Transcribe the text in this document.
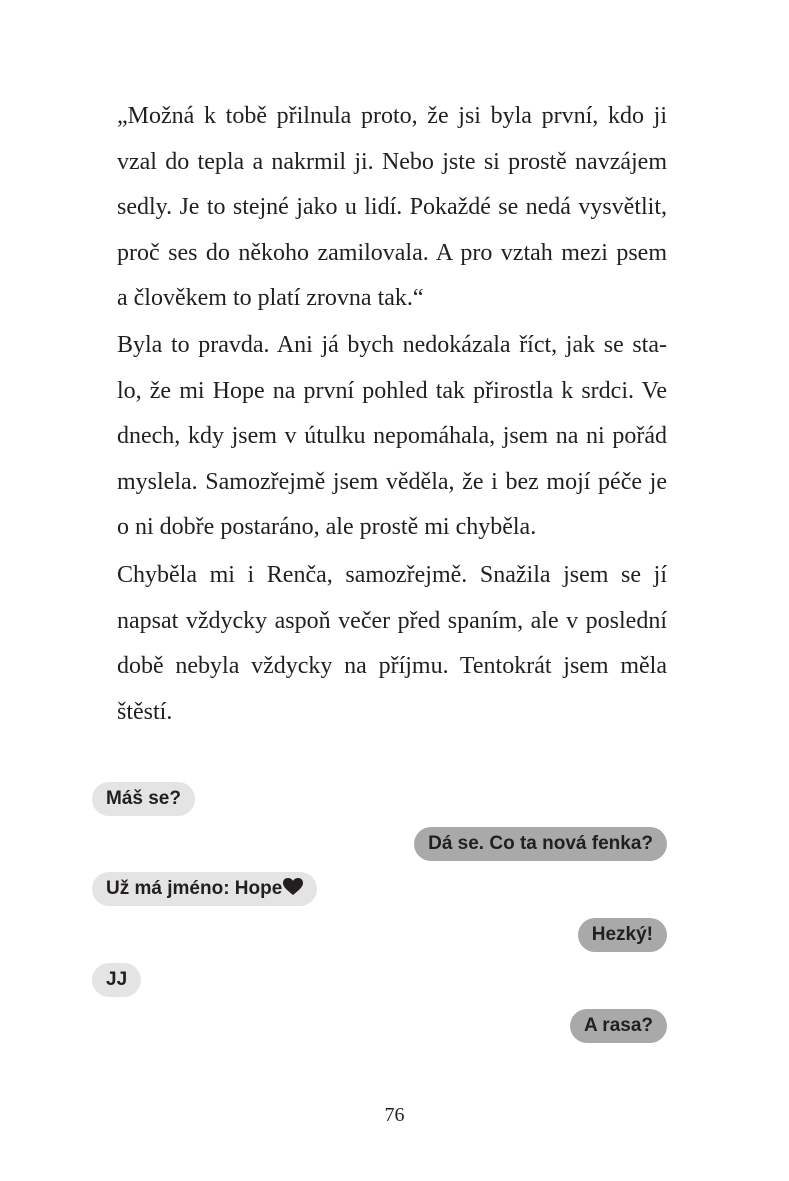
„Možná k tobě přilnula proto, že jsi byla první, kdo ji
vzal do tepla a nakrmil ji. Nebo jste si prostě navzájem
sedly. Je to stejné jako u lidí. Pokaždé se nedá vysvětlit,
proč ses do někoho zamilovala. A pro vztah mezi psem
a člověkem to platí zrovna tak.“
Byla to pravda. Ani já bych nedokázala říct, jak se sta-
lo, že mi Hope na první pohled tak přirostla k srdci. Ve
dnech, kdy jsem v útulku nepomáhala, jsem na ni pořád
myslela. Samozřejmě jsem věděla, že i bez mojí péče je
o ni dobře postaráno, ale prostě mi chyběla.
Chyběla mi i Renča, samozřejmě. Snažila jsem se jí
napsat vždycky aspoň večer před spaním, ale v poslední
době nebyla vždycky na příjmu. Tentokrát jsem měla
štěstí.
Máš se?
Dá se. Co ta nová fenka?
Už má jméno: Hope
Hezký!
JJ
A rasa?
76
